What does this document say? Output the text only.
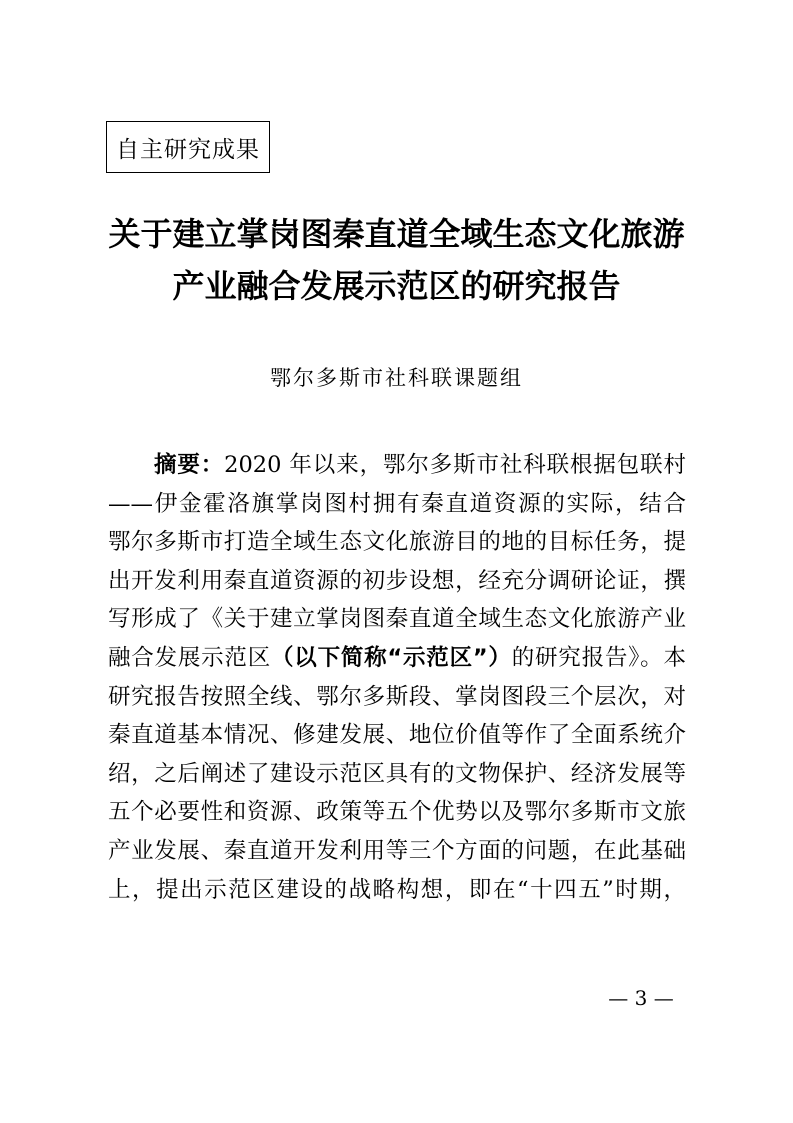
自主研究成果
关于建立掌岗图秦直道全域生态文化旅游
产业融合发展示范区的研究报告
鄂尔多斯市社科联课题组
摘要：2020 年以来，鄂尔多斯市社科联根据包联村
——伊金霍洛旗掌岗图村拥有秦直道资源的实际，结合
鄂尔多斯市打造全域生态文化旅游目的地的目标任务，提
出开发利用秦直道资源的初步设想，经充分调研论证，撰
写形成了《关于建立掌岗图秦直道全域生态文化旅游产业
融合发展示范区（以下简称“示范区”）的研究报告》。本
研究报告按照全线、鄂尔多斯段、掌岗图段三个层次，对
秦直道基本情况、修建发展、地位价值等作了全面系统介
绍，之后阐述了建设示范区具有的文物保护、经济发展等
五个必要性和资源、政策等五个优势以及鄂尔多斯市文旅
产业发展、秦直道开发利用等三个方面的问题，在此基础
上，提出示范区建设的战略构想，即在“十四五”时期，
— 3 —
